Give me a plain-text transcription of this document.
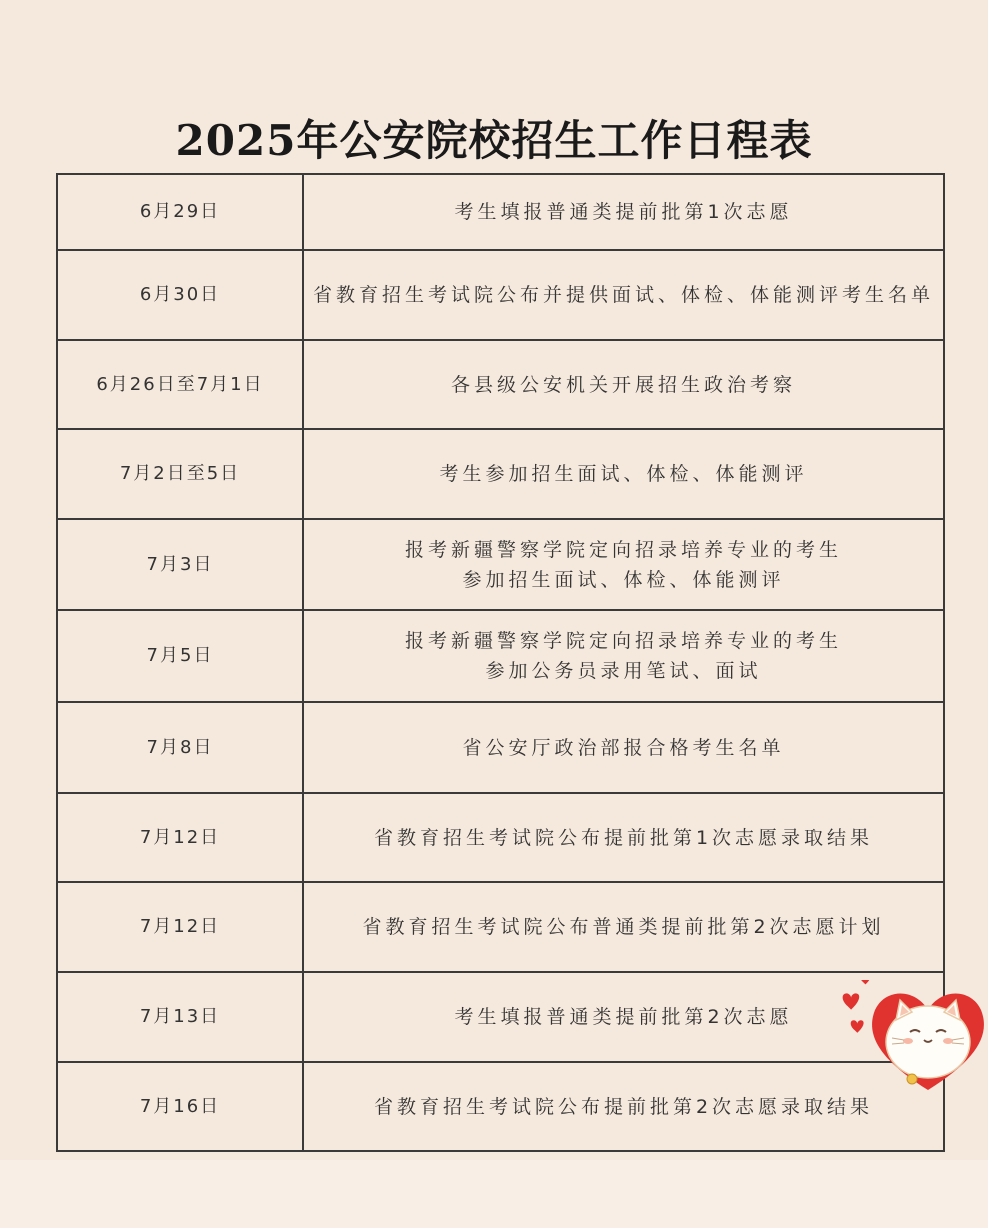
2025年公安院校招生工作日程表
6月29日	考生填报普通类提前批第1次志愿

6月30日	省教育招生考试院公布并提供面试、体检、体能测评考生名单

6月26日至7月1日	各县级公安机关开展招生政治考察

7月2日至5日	考生参加招生面试、体检、体能测评

7月3日	报考新疆警察学院定向招录培养专业的考生
参加招生面试、体检、体能测评

7月5日	报考新疆警察学院定向招录培养专业的考生
参加公务员录用笔试、面试

7月8日	省公安厅政治部报合格考生名单

7月12日	省教育招生考试院公布提前批第1次志愿录取结果

7月12日	省教育招生考试院公布普通类提前批第2次志愿计划

7月13日	考生填报普通类提前批第2次志愿

7月16日	省教育招生考试院公布提前批第2次志愿录取结果
